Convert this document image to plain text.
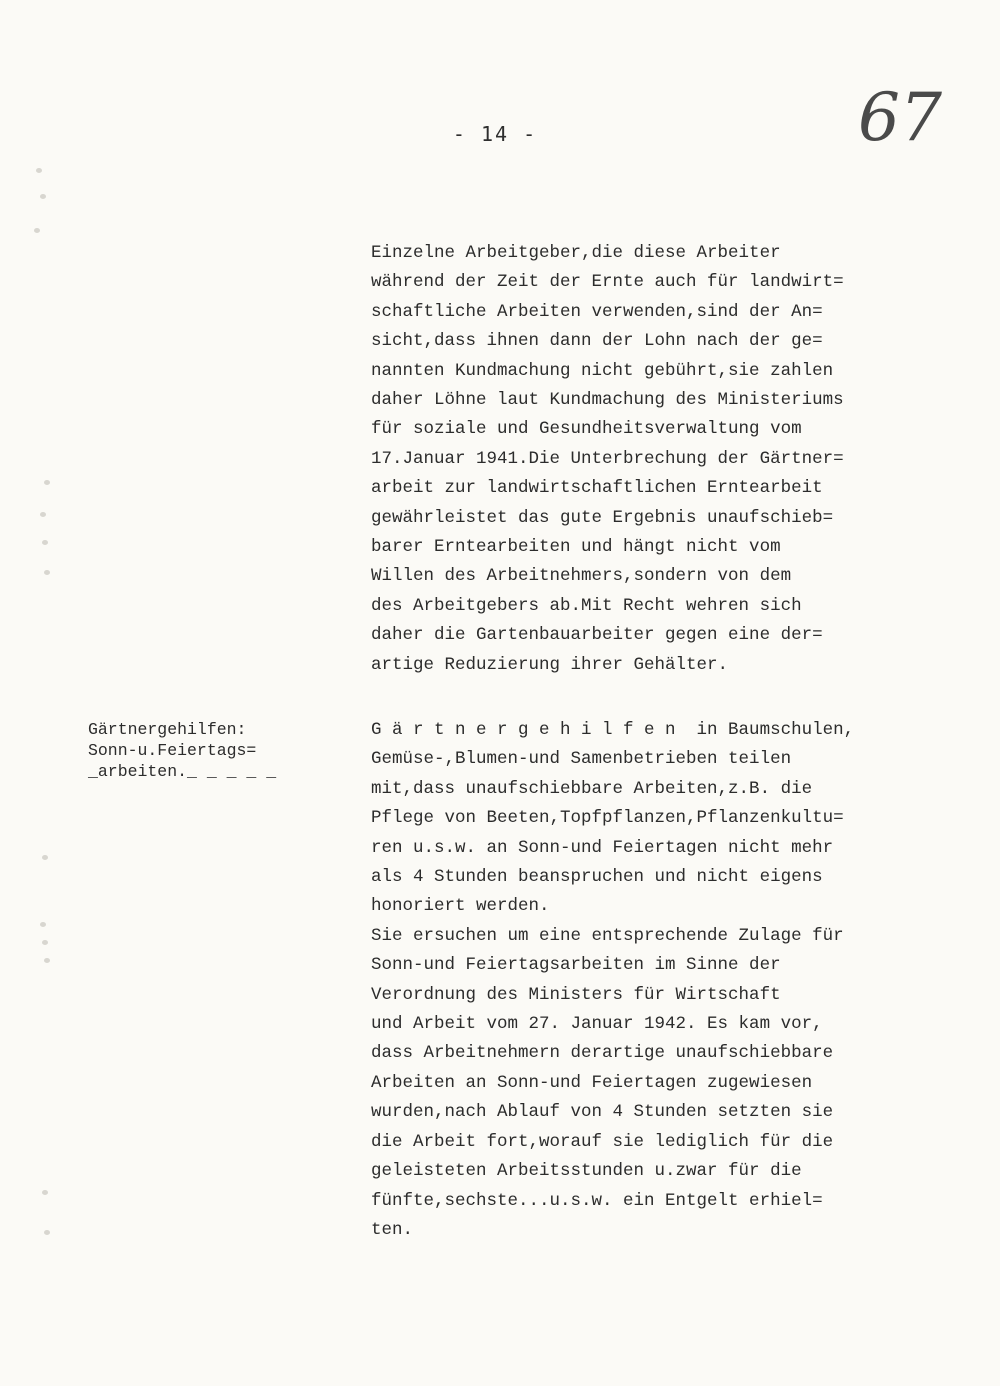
- 14 -	67
Einzelne Arbeitgeber,die diese Arbeiter
während der Zeit der Ernte auch für landwirt=
schaftliche Arbeiten verwenden,sind der An=
sicht,dass ihnen dann der Lohn nach der ge=
nannten Kundmachung nicht gebührt,sie zahlen
daher Löhne laut Kundmachung des Ministeriums
für soziale und Gesundheitsverwaltung vom
17.Januar 1941.Die Unterbrechung der Gärtner=
arbeit zur landwirtschaftlichen Erntearbeit
gewährleistet das gute Ergebnis unaufschieb=
barer Erntearbeiten und hängt nicht vom
Willen des Arbeitnehmers,sondern von dem
des Arbeitgebers ab.Mit Recht wehren sich
daher die Gartenbauarbeiter gegen eine der=
artige Reduzierung ihrer Gehälter.
Gärtnergehilfen:
Sonn-u.Feiertags=
_arbeiten._ _ _ _ _
G ä r t n e r g e h i l f e n  in Baumschulen,
Gemüse-,Blumen-und Samenbetrieben teilen
mit,dass unaufschiebbare Arbeiten,z.B. die
Pflege von Beeten,Topfpflanzen,Pflanzenkultu=
ren u.s.w. an Sonn-und Feiertagen nicht mehr
als 4 Stunden beanspruchen und nicht eigens
honoriert werden.
Sie ersuchen um eine entsprechende Zulage für
Sonn-und Feiertagsarbeiten im Sinne der
Verordnung des Ministers für Wirtschaft
und Arbeit vom 27. Januar 1942. Es kam vor,
dass Arbeitnehmern derartige unaufschiebbare
Arbeiten an Sonn-und Feiertagen zugewiesen
wurden,nach Ablauf von 4 Stunden setzten sie
die Arbeit fort,worauf sie lediglich für die
geleisteten Arbeitsstunden u.zwar für die
fünfte,sechste...u.s.w. ein Entgelt erhiel=
ten.
